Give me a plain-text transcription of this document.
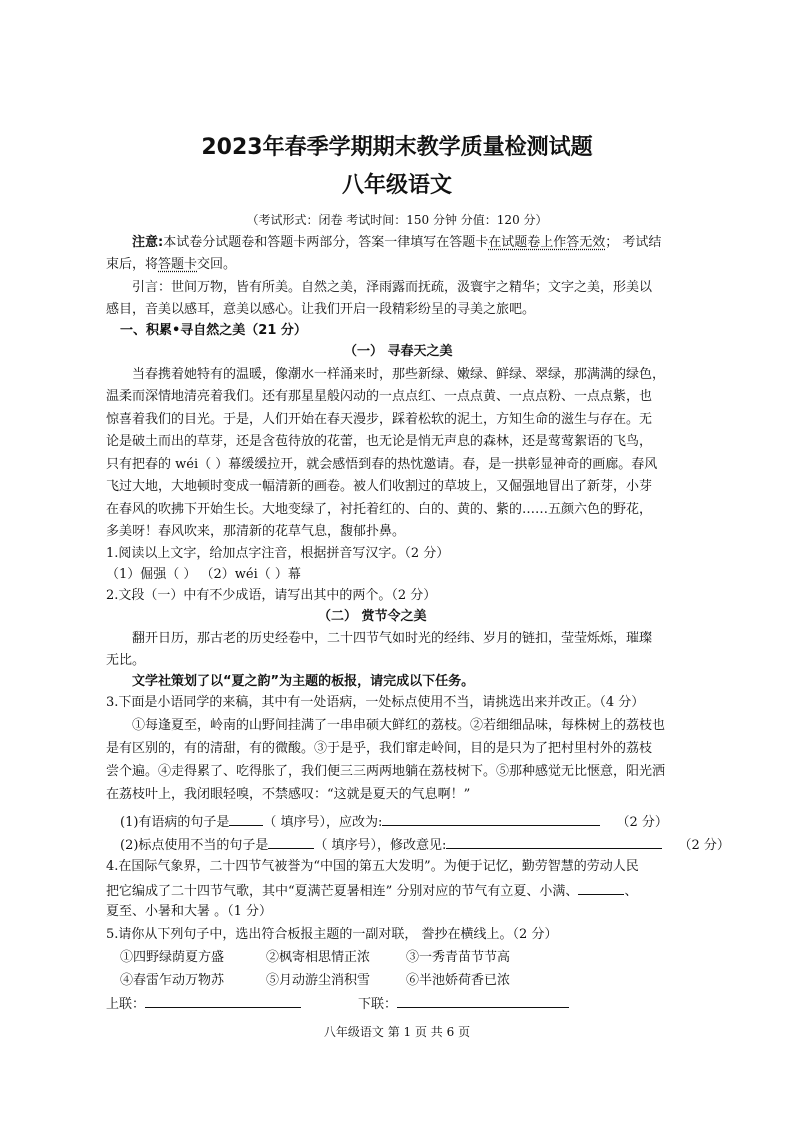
2023年春季学期期末教学质量检测试题
八年级语文
（考试形式：闭卷 考试时间：150 分钟 分值：120 分）
注意:本试卷分试题卷和答题卡两部分，答案一律填写在答题卡在试题卷上作答无效； 考试结
束后，将答题卡交回。
引言：世间万物，皆有所美。自然之美，泽雨露而抚疏，汲寰宇之精华；文字之美，形美以
感目，音美以感耳，意美以感心。让我们开启一段精彩纷呈的寻美之旅吧。
一、积累•寻自然之美（21 分）
（一） 寻春天之美
当春携着她特有的温暖，像潮水一样涌来时，那些新绿、嫩绿、鲜绿、翠绿，那满满的绿色，
温柔而深情地清亮着我们。还有那星星般闪动的一点点红、一点点黄、一点点粉、一点点紫，也
惊喜着我们的目光。于是，人们开始在春天漫步，踩着松软的泥土，方知生命的滋生与存在。无
论是破土而出的草芽，还是含苞待放的花蕾，也无论是悄无声息的森林，还是莺莺絮语的飞鸟，
只有把春的 wéi（ ）幕缓缓拉开，就会感悟到春的热忱邀请。春，是一拱彰显神奇的画廊。春风
飞过大地，大地顿时变成一幅清新的画卷。被人们收割过的草坡上，又倔强地冒出了新芽，小芽
在春风的吹拂下开始生长。大地变绿了，衬托着红的、白的、黄的、紫的……五颜六色的野花，
多美呀！春风吹来，那清新的花草气息，馥郁扑鼻。
1.阅读以上文字，给加点字注音，根据拼音写汉字。（2 分）
（1）倔强（ ） （2）wéi（ ）幕
2.文段（一）中有不少成语，请写出其中的两个。（2 分）
（二） 赏节令之美
翻开日历，那古老的历史经卷中，二十四节气如时光的经纬、岁月的链扣，莹莹烁烁，璀璨
无比。
文学社策划了以“夏之韵”为主题的板报，请完成以下任务。
3.下面是小语同学的来稿，其中有一处语病，一处标点使用不当，请挑选出来并改正。（4 分）
①每逢夏至，岭南的山野间挂满了一串串硕大鲜红的荔枝。②若细细品味，每株树上的荔枝也
是有区别的，有的清甜，有的微酸。③于是乎，我们窜走岭间，目的是只为了把村里村外的荔枝
尝个遍。④走得累了、吃得胀了，我们便三三两两地躺在荔枝树下。⑤那种感觉无比惬意，阳光洒
在荔枝叶上，我闭眼轻嗅，不禁感叹：“这就是夏天的气息啊！”
(1)有语病的句子是	（ 填序号），应改为:	（2 分）
(2)标点使用不当的句子是	（ 填序号），修改意见:	（2 分）
4.在国际气象界，二十四节气被誉为“中国的第五大发明”。为便于记忆，勤劳智慧的劳动人民
把它编成了二十四节气歌，其中“夏满芒夏暑相连” 分别对应的节气有立夏、小满、	、
夏至、小暑和大暑 。（1 分）
5.请你从下列句子中，选出符合板报主题的一副对联， 誊抄在横线上。（2 分）
①四野绿荫夏方盛	②枫寄相思情正浓	③一秀青苗节节高
④春雷乍动万物苏	⑤月动游尘消积雪	⑥半池娇荷香已浓
上联：	下联：
八年级语文 第 1 页 共 6 页
